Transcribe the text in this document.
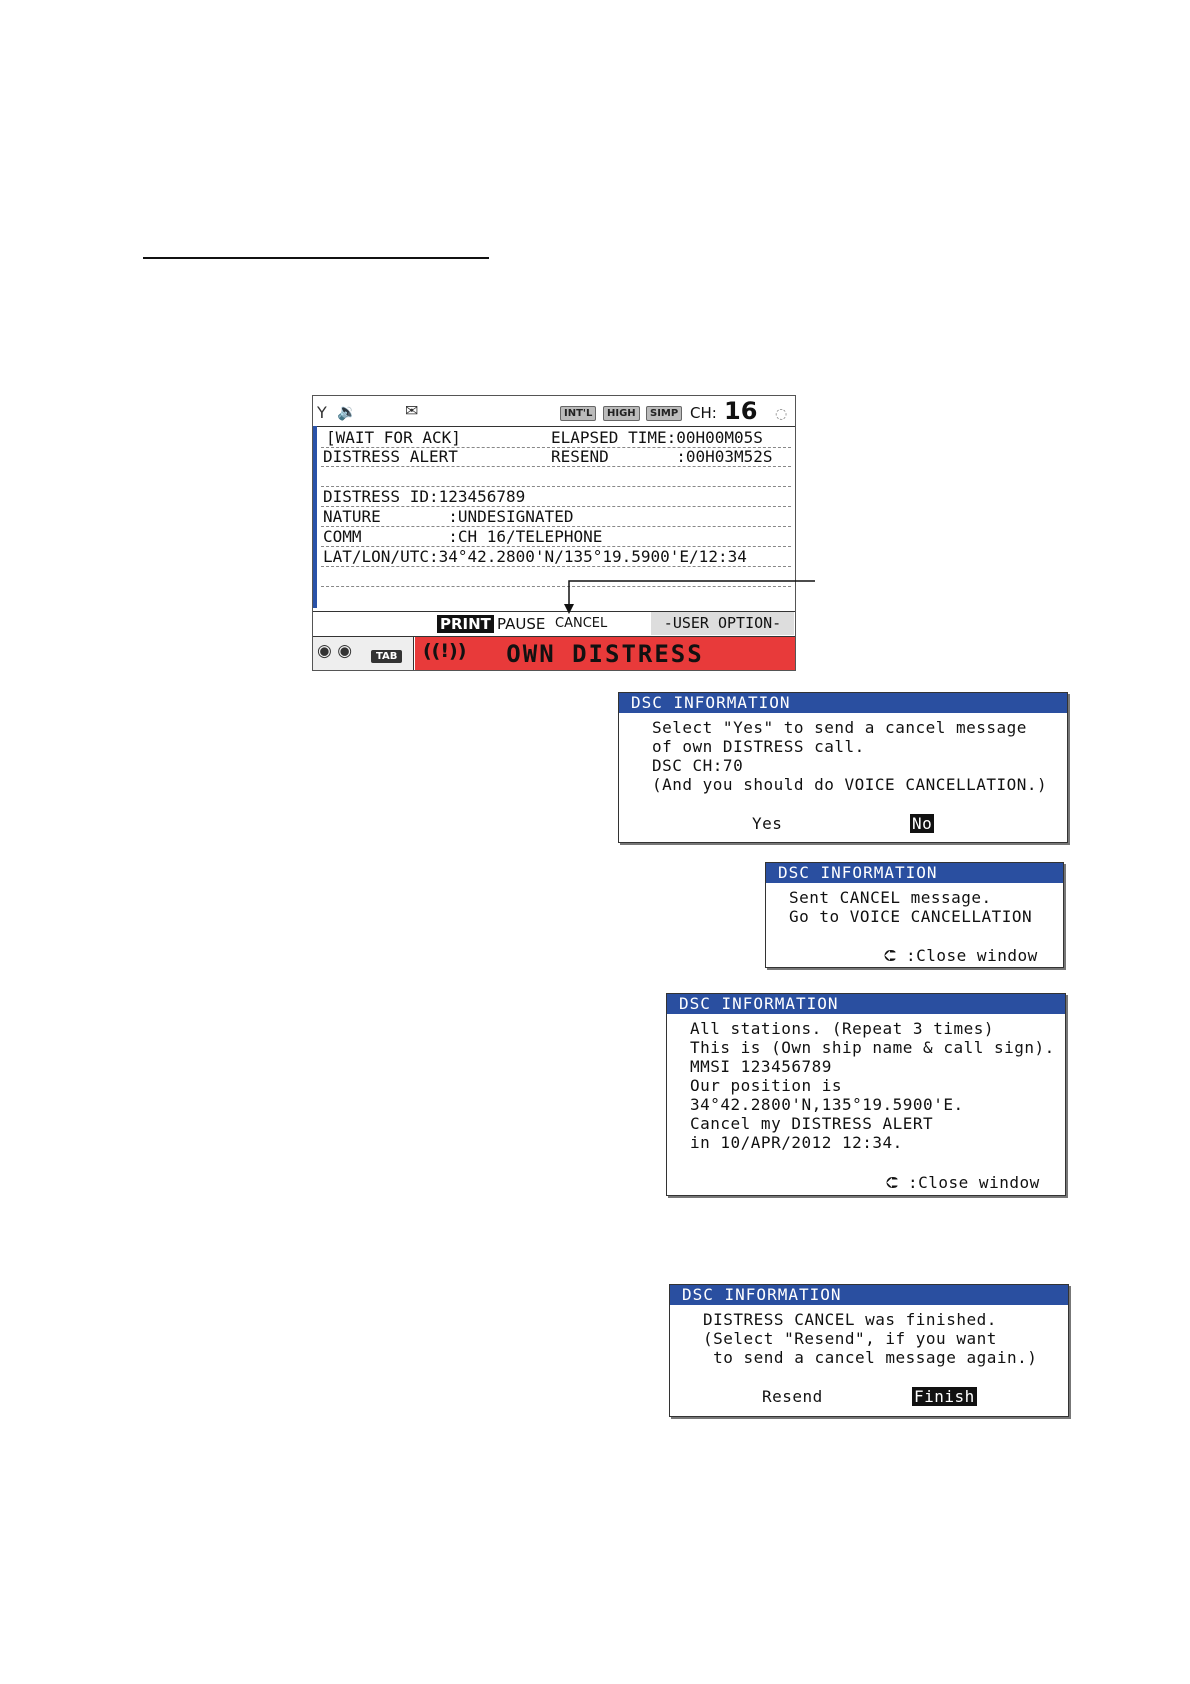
Y 🔉	✉	INT'L	HIGH	SIMP CH: 16 ◌
[WAIT FOR ACK]	ELAPSED TIME:00H00M05S
DISTRESS ALERT	RESEND       :00H03M52S
DISTRESS ID:123456789
NATURE       :UNDESIGNATED
COMM         :CH 16/TELEPHONE
LAT/LON/UTC:34°42.2800'N/135°19.5900'E/12:34
PRINT PAUSE CANCEL	-USER OPTION-
◉ ◉	TAB ((!))	OWN DISTRESS
DSC INFORMATION
Select "Yes" to send a cancel message
of own DISTRESS call.
DSC CH:70
(And you should do VOICE CANCELLATION.)
Yes	No
DSC INFORMATION
Sent CANCEL message.
Go to VOICE CANCELLATION
⮈ :Close window
DSC INFORMATION
All stations. (Repeat 3 times)
This is (Own ship name & call sign).
MMSI 123456789
Our position is
34°42.2800'N,135°19.5900'E.
Cancel my DISTRESS ALERT
in 10/APR/2012 12:34.
⮈ :Close window
DSC INFORMATION
DISTRESS CANCEL was finished.
(Select "Resend", if you want
to send a cancel message again.)
Resend	Finish
